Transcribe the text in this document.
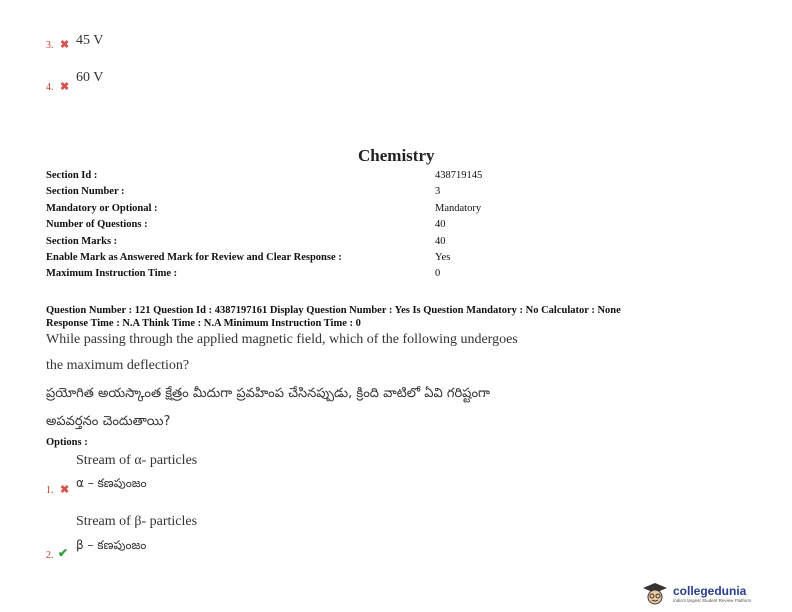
3. ✖ 45 V
4. ✖
60 V
Chemistry
Section Id :	438719145
Section Number :	3
Mandatory or Optional :	Mandatory
Number of Questions :	40
Section Marks :	40
Enable Mark as Answered Mark for Review and Clear Response :	Yes
Maximum Instruction Time :	0
Question Number : 121 Question Id : 4387197161 Display Question Number : Yes Is Question Mandatory : No Calculator : None
Response Time : N.A Think Time : N.A Minimum Instruction Time : 0
While passing through the applied magnetic field, which of the following undergoes
the maximum deflection?
ప్రయోగిత అయస్కాంత క్షేత్రం మీదుగా ప్రవహింప చేసినప్పుడు, క్రింది వాటిలో ఏవి గరిష్టంగా
అపవర్తనం చెందుతాయి?
Options :
Stream of α- particles
1. ✖ α – కణపుంజం
Stream of β- particles
2. ✔
β – కణపుంజం
collegedunia
India's largest Student Review Platform
